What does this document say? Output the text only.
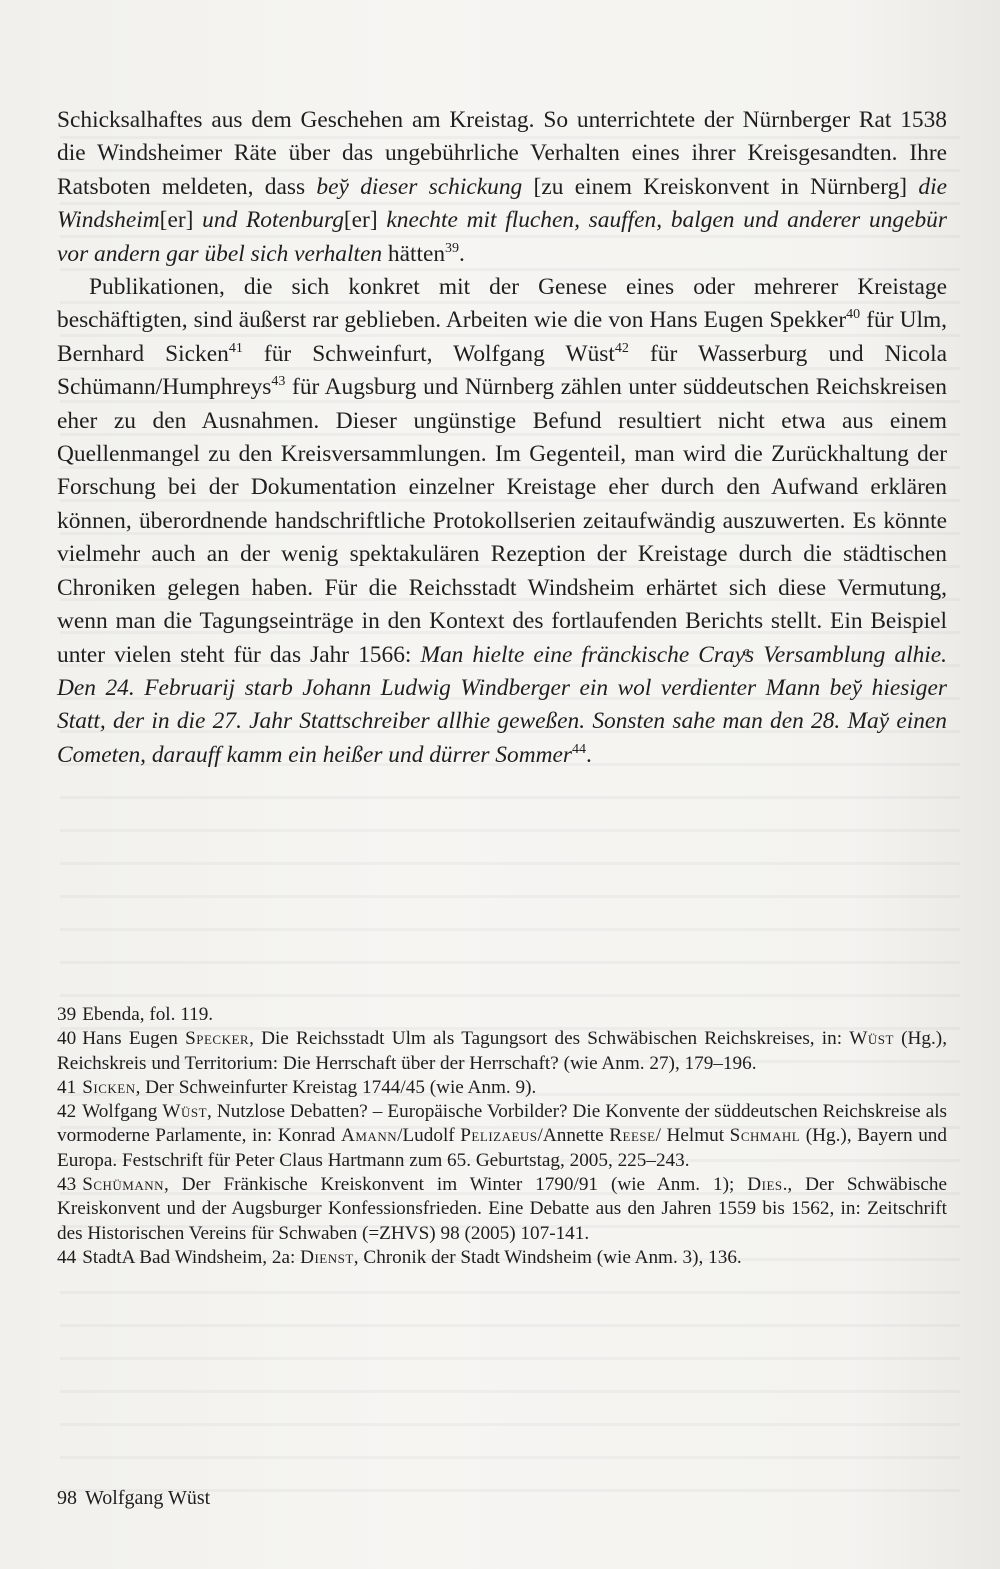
Schicksalhaftes aus dem Geschehen am Kreistag. So unterrichtete der Nürnberger Rat 1538 die Windsheimer Räte über das ungebührliche Verhalten eines ihrer Kreisgesandten. Ihre Ratsboten meldeten, dass bey̆ dieser schickung [zu einem Kreiskonvent in Nürnberg] die Windsheim[er] und Rotenburg[er] knechte mit fluchen, sauffen, balgen und anderer ungebür vor andern gar übel sich verhalten hätten$^{39}$.

Publikationen, die sich konkret mit der Genese eines oder mehrerer Kreistage beschäftigten, sind äußerst rar geblieben. Arbeiten wie die von Hans Eugen Spekker$^{40}$ für Ulm, Bernhard Sicken$^{41}$ für Schweinfurt, Wolfgang Wüst$^{42}$ für Wasserburg und Nicola Schümann/Humphreys$^{43}$ für Augsburg und Nürnberg zählen unter süddeutschen Reichskreisen eher zu den Ausnahmen. Dieser ungünstige Befund resultiert nicht etwa aus einem Quellenmangel zu den Kreisversammlungen. Im Gegenteil, man wird die Zurückhaltung der Forschung bei der Dokumentation einzelner Kreistage eher durch den Aufwand erklären können, überordnende handschriftliche Protokollserien zeitaufwändig auszuwerten. Es könnte vielmehr auch an der wenig spektakulären Rezeption der Kreistage durch die städtischen Chroniken gelegen haben. Für die Reichsstadt Windsheim erhärtet sich diese Vermutung, wenn man die Tagungseinträge in den Kontext des fortlaufenden Berichts stellt. Ein Beispiel unter vielen steht für das Jahr 1566: Man hielte eine fränckische Crayͤs Versamblung alhie. Den 24. Februarij starb Johann Ludwig Windberger ein wol verdienter Mann bey̆ hiesiger Statt, der in die 27. Jahr Stattschreiber allhie geweßen. Sonsten sahe man den 28. May̆ einen Cometen, darauff kamm ein heißer und dürrer Sommer$^{44}$.

39 Ebenda, fol. 119.

40 Hans Eugen Specker, Die Reichsstadt Ulm als Tagungsort des Schwäbischen Reichskreises, in: Wüst (Hg.), Reichskreis und Territorium: Die Herrschaft über der Herrschaft? (wie Anm. 27), 179–196.

41 Sicken, Der Schweinfurter Kreistag 1744/45 (wie Anm. 9).

42 Wolfgang Wüst, Nutzlose Debatten? – Europäische Vorbilder? Die Konvente der süddeutschen Reichskreise als vormoderne Parlamente, in: Konrad Amann/Ludolf Pelizaeus/Annette Reese/ Helmut Schmahl (Hg.), Bayern und Europa. Festschrift für Peter Claus Hartmann zum 65. Geburtstag, 2005, 225–243.

43 Schümann, Der Fränkische Kreiskonvent im Winter 1790/91 (wie Anm. 1); Dies., Der Schwäbische Kreiskonvent und der Augsburger Konfessionsfrieden. Eine Debatte aus den Jahren 1559 bis 1562, in: Zeitschrift des Historischen Vereins für Schwaben (=ZHVS) 98 (2005) 107-141.

44 StadtA Bad Windsheim, 2a: Dienst, Chronik der Stadt Windsheim (wie Anm. 3), 136.

98 Wolfgang Wüst
